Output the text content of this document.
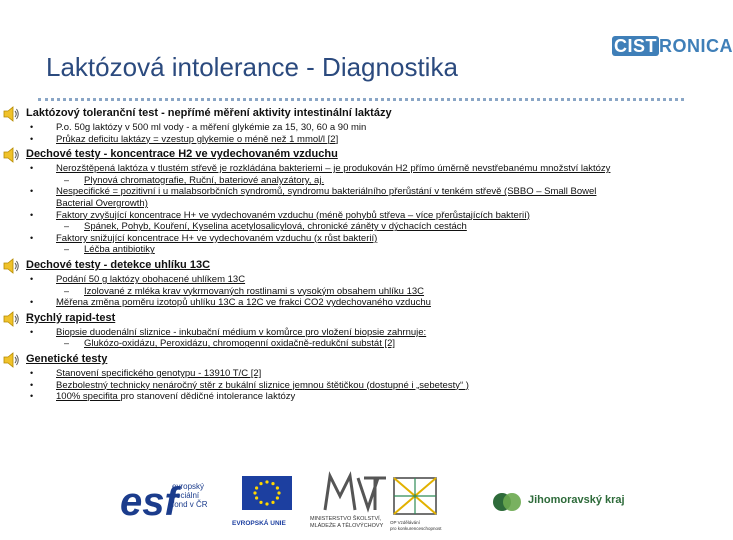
CIST RONICA
Laktózová intolerance - Diagnostika
Laktózový toleranční test - nepřímé měření aktivity intestinální laktázy
• P.o. 50g laktózy v 500 ml vody - a měření glykémie za 15, 30, 60 a 90 min
• Průkaz deficitu laktázy = vzestup glykemie o méně než 1 mmol/l [2]
Dechové testy - koncentrace H2 ve vydechovaném vzduchu
• Nerozštěpená laktóza v tlustém střevě je rozkládána bakteriemi – je produkován H2 přímo úměrně nevstřebanému množství laktózy
– Plynová chromatografie, Ruční, bateriové analyzátory, aj.
• Nespecifické = pozitivní i u malabsorbčních syndromů, syndromu bakteriálního přerůstání v tenkém střevě (SBBO – Small Bowel
Bacterial Overgrowth)
• Faktory zvyšující koncentrace H+ ve vydechovaném vzduchu (méně pohybů střeva – více přerůstajících bakterií)
– Spánek, Pohyb, Kouření, Kyselina acetylosalicylová, chronické záněty v dýchacích cestách
• Faktory snižující koncentrace H+ ve vydechovaném vzduchu (x růst bakterií)
– Léčba antibiotiky
Dechové testy - detekce uhlíku 13C
• Podání 50 g laktózy obohacené uhlíkem 13C
– Izolované z mléka krav vykrmovaných rostlinami s vysokým obsahem uhlíku 13C
• Měřena změna poměru izotopů uhlíku 13C a 12C ve frakci CO2 vydechovaného vzduchu
Rychlý rapid-test
• Biopsie duodenální sliznice - inkubační médium v komůrce pro vložení biopsie zahrnuje:
– Glukózo-oxidázu, Peroxidázu, chromogenní oxidačně-redukční substát [2]
Genetické testy
• Stanovení specifického genotypu - 13910 T/C [2]
• Bezbolestný technicky nenáročný stěr z bukální sliznice jemnou štětičkou (dostupné i „sebetesty“ )
• 100% specifita pro stanovení dědičné intolerance laktózy
esf
evropský
sociální
fond v ČR
EVROPSKÁ UNIE
MINISTERSTVO ŠKOLSTVÍ,
MLÁDEŽE A TĚLOVÝCHOVY
OP Vzdělávání
pro konkurenceschopnost
Jihomoravský kraj
